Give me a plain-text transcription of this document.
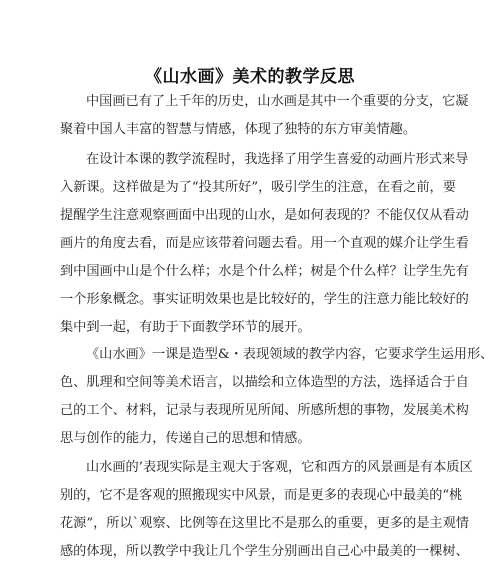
《山水画》美术的教学反思
中国画已有了上千年的历史，山水画是其中一个重要的分支，它凝
聚着中国人丰富的智慧与情感，体现了独特的东方审美情趣。
在设计本课的教学流程时，我选择了用学生喜爱的动画片形式来导
入新课。这样做是为了“投其所好”，吸引学生的注意，在看之前，要
提醒学生注意观察画面中出现的山水，是如何表现的？不能仅仅从看动
画片的角度去看，而是应该带着问题去看。用一个直观的媒介让学生看
到中国画中山是个什么样；水是个什么样；树是个什么样？让学生先有
一个形象概念。事实证明效果也是比较好的，学生的注意力能比较好的
集中到一起，有助于下面教学环节的展开。
《山水画》一课是造型&・表现领域的教学内容，它要求学生运用形、
色、肌理和空间等美术语言，以描绘和立体造型的方法，选择适合于自
己的工个、材料，记录与表现所见所闻、所感所想的事物，发展美术构
思与创作的能力，传递自己的思想和情感。
山水画的’表现实际是主观大于客观，它和西方的风景画是有本质区
别的，它不是客观的照搬现实中风景，而是更多的表现心中最美的“桃
花源”，所以`观察、比例等在这里比不是那么的重要，更多的是主观情
感的体现，所以教学中我让几个学生分别画出自己心中最美的一棵树、
